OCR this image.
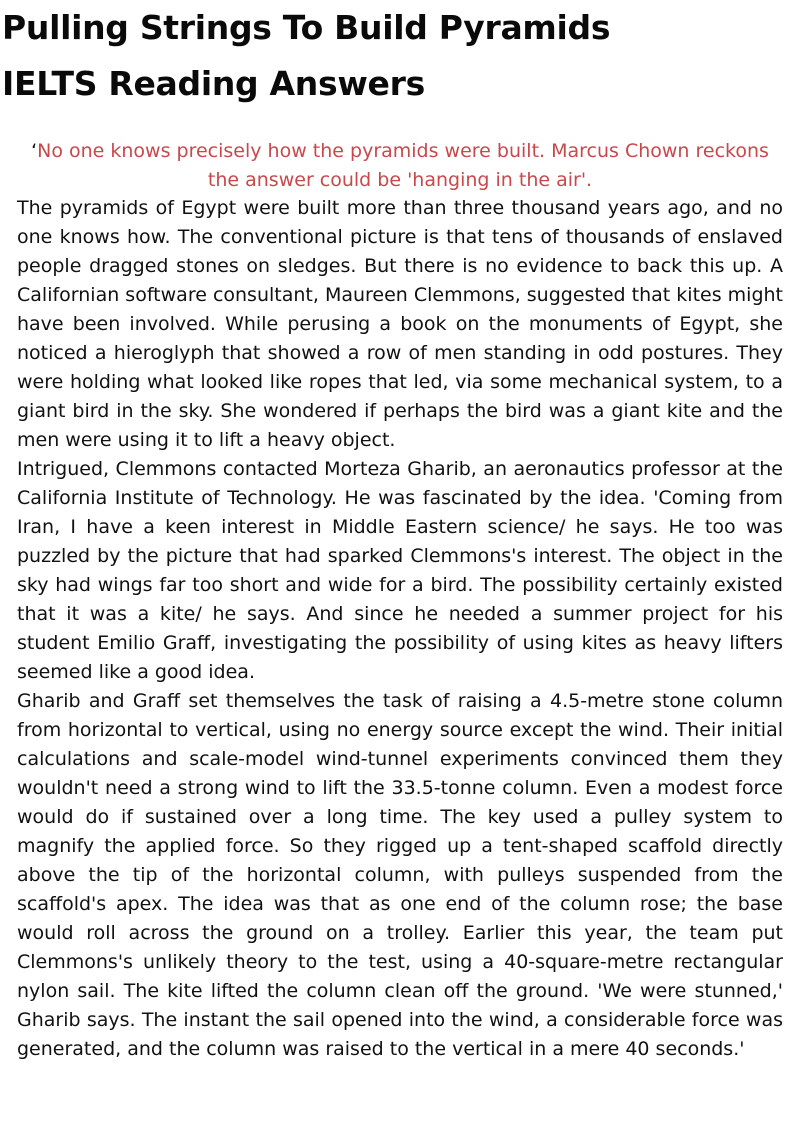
Pulling Strings To Build Pyramids
IELTS Reading Answers

‘No one knows precisely how the pyramids were built. Marcus Chown reckons the answer could be 'hanging in the air'.

The pyramids of Egypt were built more than three thousand years ago, and no one knows how. The conventional picture is that tens of thousands of enslaved people dragged stones on sledges. But there is no evidence to back this up. A Californian software consultant, Maureen Clemmons, suggested that kites might have been involved. While perusing a book on the monuments of Egypt, she noticed a hieroglyph that showed a row of men standing in odd postures. They were holding what looked like ropes that led, via some mechanical system, to a giant bird in the sky. She wondered if perhaps the bird was a giant kite and the men were using it to lift a heavy object.

Intrigued, Clemmons contacted Morteza Gharib, an aeronautics professor at the California Institute of Technology. He was fascinated by the idea. 'Coming from Iran, I have a keen interest in Middle Eastern science/ he says. He too was puzzled by the picture that had sparked Clemmons's interest. The object in the sky had wings far too short and wide for a bird. The possibility certainly existed that it was a kite/ he says. And since he needed a summer project for his student Emilio Graff, investigating the possibility of using kites as heavy lifters seemed like a good idea.

Gharib and Graff set themselves the task of raising a 4.5-metre stone column from horizontal to vertical, using no energy source except the wind. Their initial calculations and scale-model wind-tunnel experiments convinced them they wouldn't need a strong wind to lift the 33.5-tonne column. Even a modest force would do if sustained over a long time. The key used a pulley system to magnify the applied force. So they rigged up a tent-shaped scaffold directly above the tip of the horizontal column, with pulleys suspended from the scaffold's apex. The idea was that as one end of the column rose; the base would roll across the ground on a trolley. Earlier this year, the team put Clemmons's unlikely theory to the test, using a 40-square-metre rectangular nylon sail. The kite lifted the column clean off the ground. 'We were stunned,' Gharib says. The instant the sail opened into the wind, a considerable force was generated, and the column was raised to the vertical in a mere 40 seconds.'
